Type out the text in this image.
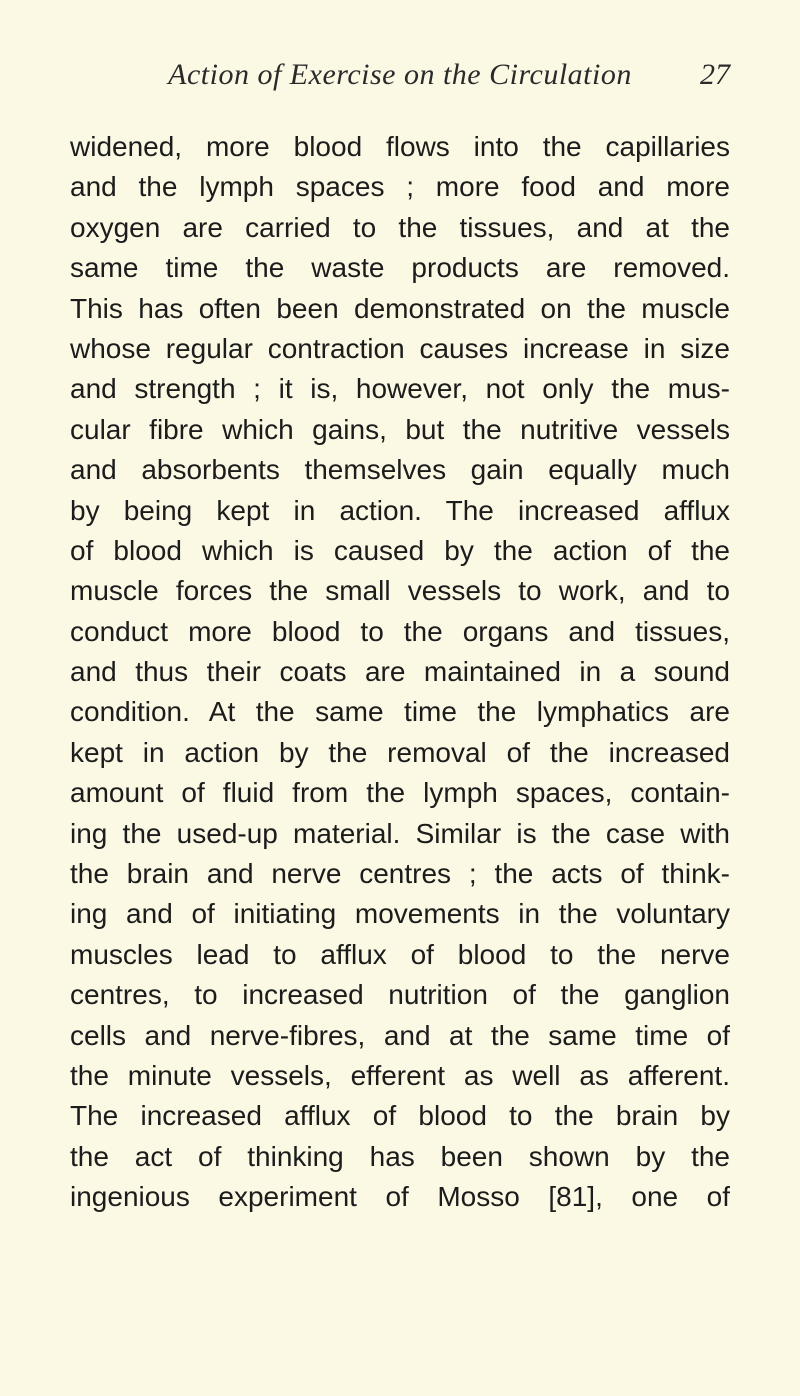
Action of Exercise on the Circulation	27
widened, more blood flows into the capillaries
and the lymph spaces ; more food and more
oxygen are carried to the tissues, and at the
same time the waste products are removed.
This has often been demonstrated on the muscle
whose regular contraction causes increase in size
and strength ; it is, however, not only the mus-
cular fibre which gains, but the nutritive vessels
and absorbents themselves gain equally much
by being kept in action. The increased afflux
of blood which is caused by the action of the
muscle forces the small vessels to work, and to
conduct more blood to the organs and tissues,
and thus their coats are maintained in a sound
condition. At the same time the lymphatics are
kept in action by the removal of the increased
amount of fluid from the lymph spaces, contain-
ing the used-up material. Similar is the case with
the brain and nerve centres ; the acts of think-
ing and of initiating movements in the voluntary
muscles lead to afflux of blood to the nerve
centres, to increased nutrition of the ganglion
cells and nerve-fibres, and at the same time of
the minute vessels, efferent as well as afferent.
The increased afflux of blood to the brain by
the act of thinking has been shown by the
ingenious experiment of Mosso [81], one of
